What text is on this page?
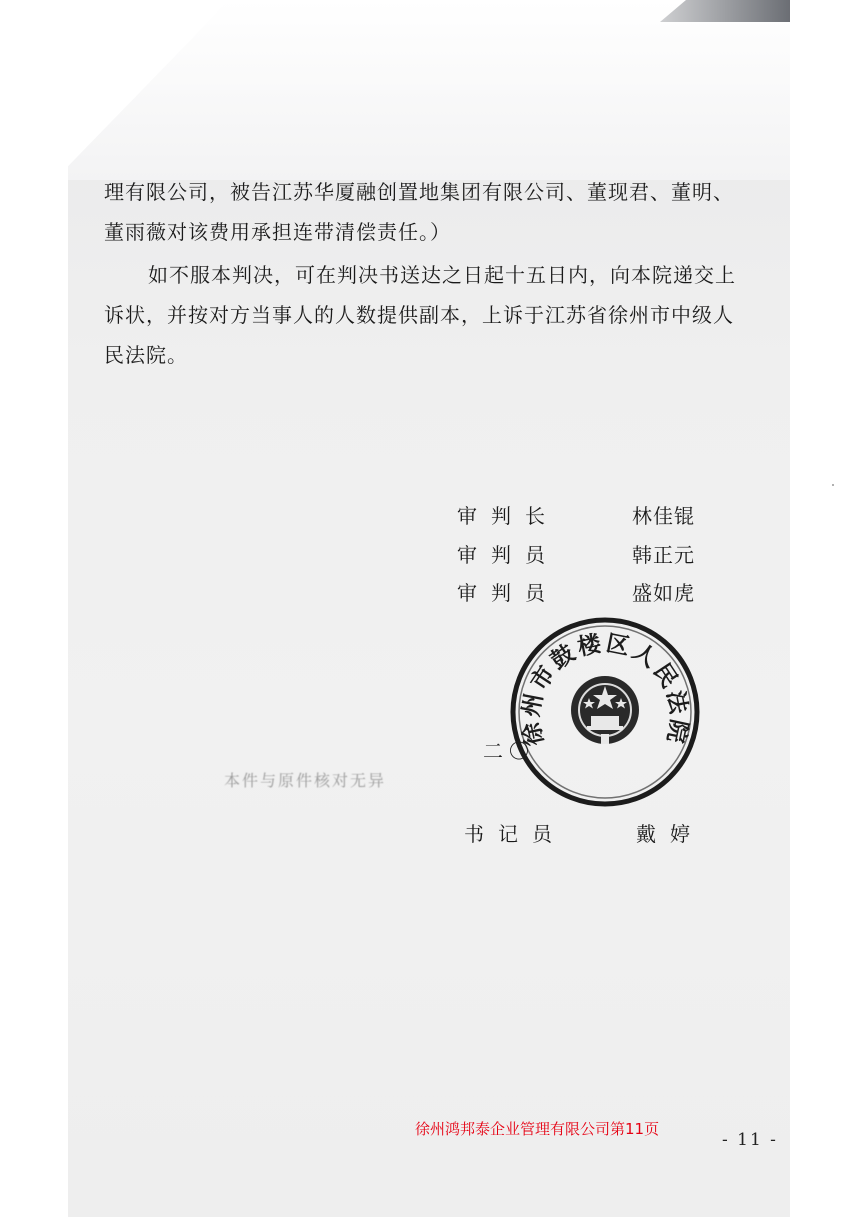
理有限公司，被告江苏华厦融创置地集团有限公司、董现君、董明、董雨薇对该费用承担连带清偿责任。）

如不服本判决，可在判决书送达之日起十五日内，向本院递交上诉状，并按对方当事人的人数提供副本，上诉于江苏省徐州市中级人民法院。

审判长	林佳锟
审判员	韩正元
审判员	盛如虎
二〇
本件与原件核对无异
徐州市鼓楼区人民法院
书记员	戴婷
徐州鸿邦泰企业管理有限公司第11页
- 11 -
